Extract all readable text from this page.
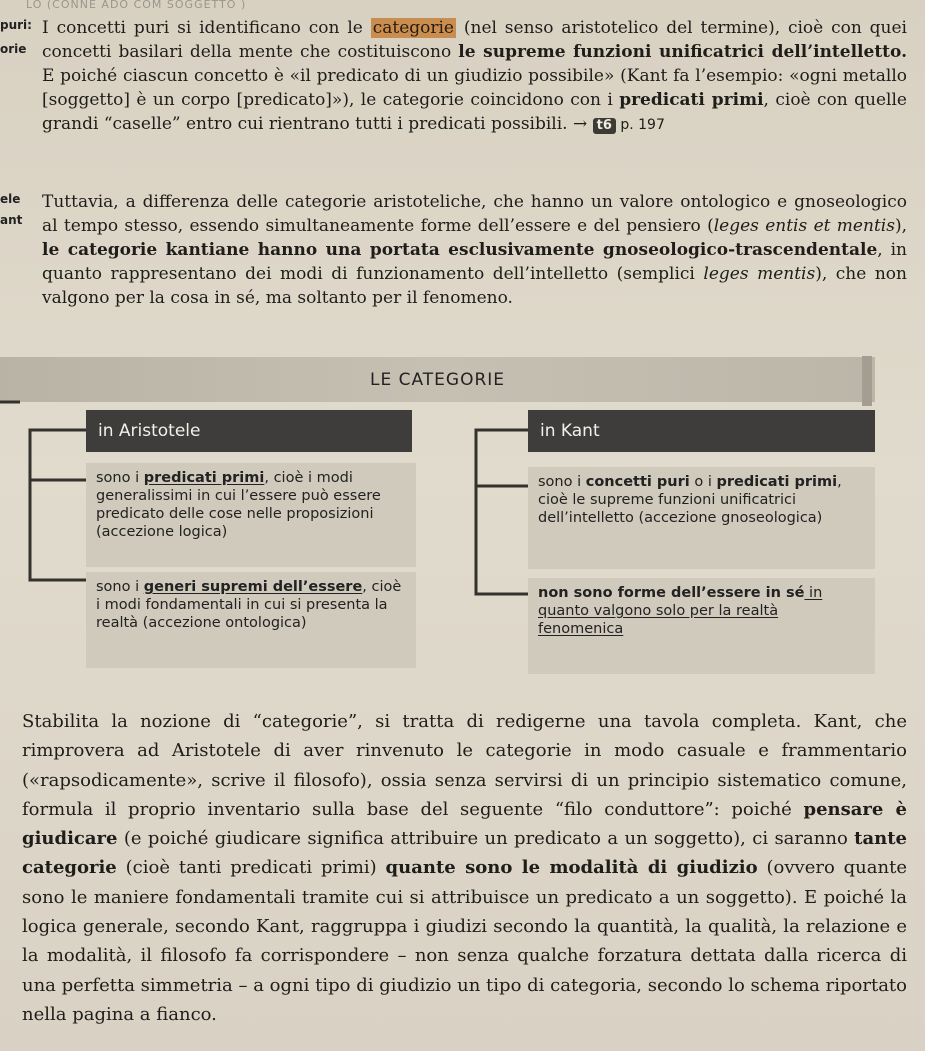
LO (CONNE ADO COM SOGGETTO )
puri:
orie
ele
ant
I concetti puri si identificano con le categorie (nel senso aristotelico del termine), cioè con quei concetti basilari della mente che costituiscono le supreme funzioni unificatrici dell’intelletto. E poiché ciascun concetto è «il predicato di un giudizio possibile» (Kant fa l’esempio: «ogni metallo [soggetto] è un corpo [predicato]»), le categorie coincidono con i predicati primi, cioè con quelle grandi “caselle” entro cui rientrano tutti i predicati possibili. → t6 p. 197
Tuttavia, a differenza delle categorie aristoteliche, che hanno un valore ontologico e gnoseologico al tempo stesso, essendo simultaneamente forme dell’essere e del pensiero (leges entis et mentis), le categorie kantiane hanno una portata esclusivamente gnoseologico-trascendentale, in quanto rappresentano dei modi di funzionamento dell’intelletto (semplici leges mentis), che non valgono per la cosa in sé, ma soltanto per il fenomeno.
LE CATEGORIE
in Aristotele	in Kant
sono i predicati primi, cioè i modi generalissimi in cui l’essere può essere predicato delle cose nelle proposizioni (accezione logica)
sono i generi supremi dell’essere, cioè i modi fondamentali in cui si presenta la realtà (accezione ontologica)
sono i concetti puri o i predicati primi, cioè le supreme funzioni unificatrici dell’intelletto (accezione gnoseologica)
non sono forme dell’essere in sé in quanto valgono solo per la realtà fenomenica
Stabilita la nozione di “categorie”, si tratta di redigerne una tavola completa. Kant, che rimprovera ad Aristotele di aver rinvenuto le categorie in modo casuale e frammentario («rapsodicamente», scrive il filosofo), ossia senza servirsi di un principio sistematico comune, formula il proprio inventario sulla base del seguente “filo conduttore”: poiché pensare è giudicare (e poiché giudicare significa attribuire un predicato a un soggetto), ci saranno tante categorie (cioè tanti predicati primi) quante sono le modalità di giudizio (ovvero quante sono le maniere fondamentali tramite cui si attribuisce un predicato a un soggetto). E poiché la logica generale, secondo Kant, raggruppa i giudizi secondo la quantità, la qualità, la relazione e la modalità, il filosofo fa corrispondere – non senza qualche forzatura dettata dalla ricerca di una perfetta simmetria – a ogni tipo di giudizio un tipo di categoria, secondo lo schema riportato nella pagina a fianco.
